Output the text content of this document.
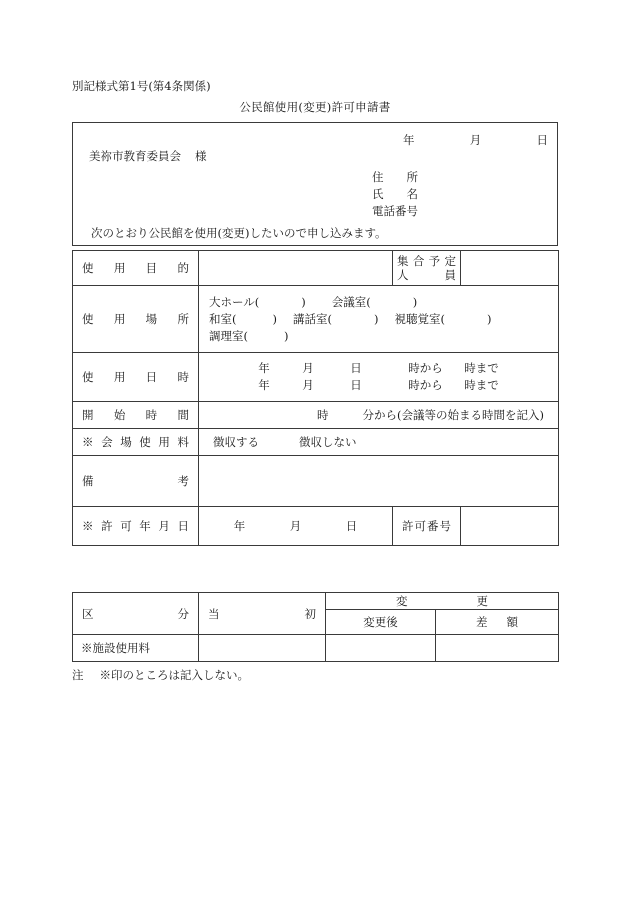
別記様式第1号(第4条関係)
公民館使用(変更)許可申請書
年	月	日
美祢市教育委員会 様
住　所
氏　名
電話番号
次のとおり公民館を使用(変更)したいので申し込みます。
使用目的		集合予定
人員	

使用場所	大ホール( ) 会議室( )
和室( ) 講話室( ) 視聴覚室( )
調理室( )		

使用日時	年 月 日 時から 時まで
年 月 日 時から 時まで		

開始時間	時 分から(会議等の始まる時間を記入)		

※会場使用料	徴収する 徴収しない		

備考			

※許可年月日	年 月 日	許可番号	

区分	当初	変更	

		変更後	差額

※施設使用料			

注 ※印のところは記入しない。
